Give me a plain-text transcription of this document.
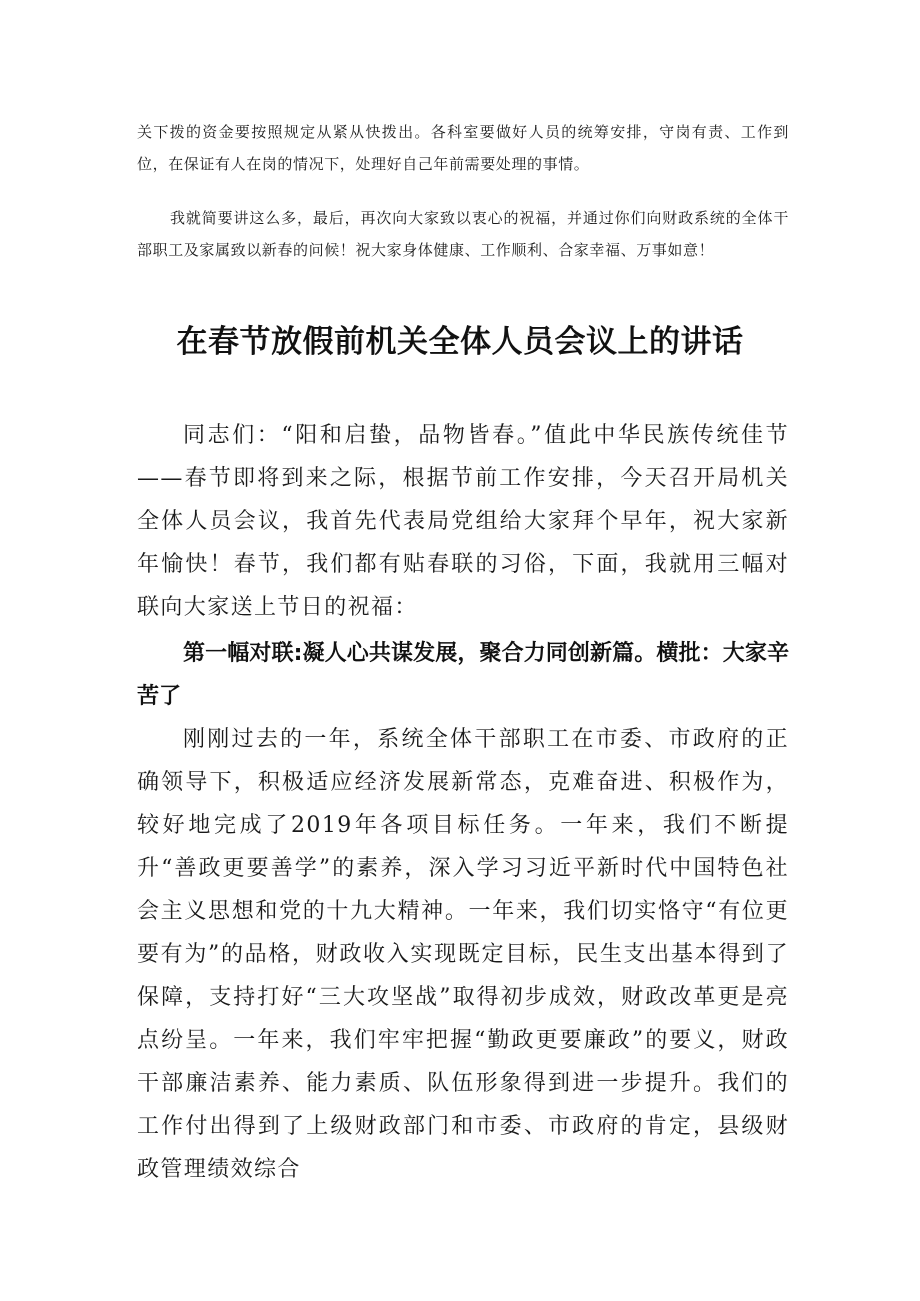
关下拨的资金要按照规定从紧从快拨出。各科室要做好人员的统筹安排，守岗有责、工作到位，在保证有人在岗的情况下，处理好自己年前需要处理的事情。

我就简要讲这么多，最后，再次向大家致以衷心的祝福，并通过你们向财政系统的全体干部职工及家属致以新春的问候！祝大家身体健康、工作顺利、合家幸福、万事如意！

在春节放假前机关全体人员会议上的讲话

同志们：“阳和启蛰，品物皆春。”值此中华民族传统佳节——春节即将到来之际，根据节前工作安排，今天召开局机关全体人员会议，我首先代表局党组给大家拜个早年，祝大家新年愉快！春节，我们都有贴春联的习俗，下面，我就用三幅对联向大家送上节日的祝福：

第一幅对联:凝人心共谋发展，聚合力同创新篇。横批：大家辛苦了

刚刚过去的一年，系统全体干部职工在市委、市政府的正确领导下，积极适应经济发展新常态，克难奋进、积极作为，较好地完成了2019年各项目标任务。一年来，我们不断提升“善政更要善学”的素养，深入学习习近平新时代中国特色社会主义思想和党的十九大精神。一年来，我们切实恪守“有位更要有为”的品格，财政收入实现既定目标，民生支出基本得到了保障，支持打好“三大攻坚战”取得初步成效，财政改革更是亮点纷呈。一年来，我们牢牢把握“勤政更要廉政”的要义，财政干部廉洁素养、能力素质、队伍形象得到进一步提升。我们的工作付出得到了上级财政部门和市委、市政府的肯定，县级财政管理绩效综合
